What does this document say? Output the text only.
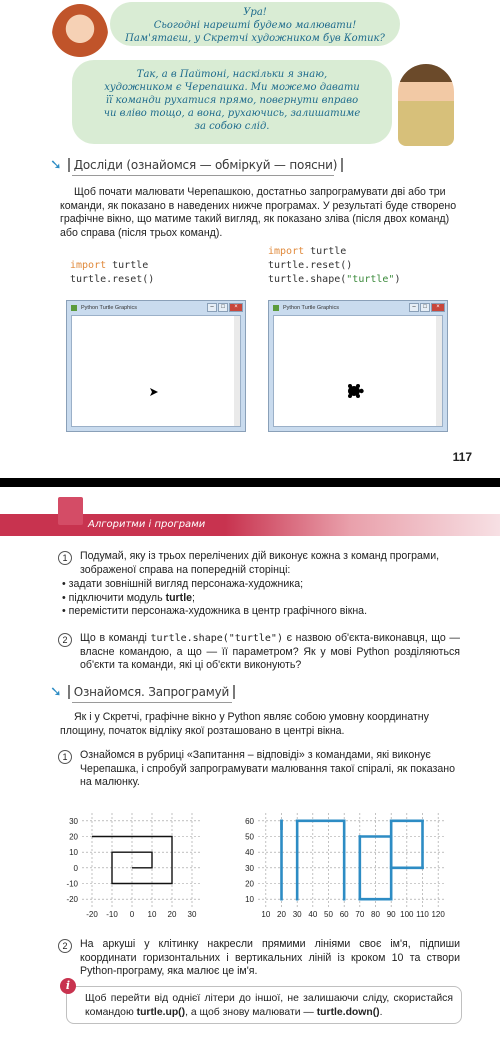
Ура!
Сьогодні нарешті будемо малювати!
Пам'ятаєш, у Скретчі художником був Котик?
Так, а в Пайтоні, наскільки я знаю,
художником є Черепашка. Ми можемо давати
її команди рухатися прямо, повернути вправо
чи вліво тощо, а вона, рухаючись, залишатиме
за собою слід.
➘	Досліди (ознайомся — обміркуй — поясни)

Щоб почати малювати Черепашкою, достатньо запрограмувати дві або три команди, як показано в наведених нижче програмах. У результаті буде створено графічне вікно, що матиме такий вигляд, як показано зліва (після двох команд) або справа (після трьох команд).

import turtle
turtle.reset()
import turtle
turtle.reset()
turtle.shape("turtle")
Python Turtle Graphics	–	□	×	Python Turtle Graphics	–	□	×
117
Алгоритми і програми
1	Подумай, яку із трьох перелічених дій виконує кожна з команд програми, зображеної справа на попередній сторінці:

• задати зовнішній вигляд персонажа-художника;
• підключити модуль turtle;
• перемістити персонажа-художника в центр графічного вікна.
2	Що в команді turtle.shape("turtle") є назвою об'єкта-виконавця, що — власне командою, а що — її параметром? Як у мові Python розділяються об'єкти та команди, які ці об'єкти виконують?

➘	Ознайомся. Запрограмуй

Як і у Скретчі, графічне вікно у Python являє собою умовну координатну площину, початок відліку якої розташовано в центрі вікна.

1	Ознайомся в рубриці «Запитання – відповіді» з командами, які виконує Черепашка, і спробуй запрограмувати малювання такої спіралі, як показано на малюнку.

-20 -10 0 10 20 30
-20
-10
0
10
20
30
10 20 30 40 50 60 70 80 90 100 110 120
10
20
30
40
50
60
2	На аркуші у клітинку накресли прямими лініями своє ім'я, підпиши координати горизонтальних і вертикальних ліній із кроком 10 та створи Python-програму, яка малює це ім'я.

Щоб перейти від однієї літери до іншої, не залишаючи сліду, скористайся командою turtle.up(), а щоб знову малювати — turtle.down().
i
